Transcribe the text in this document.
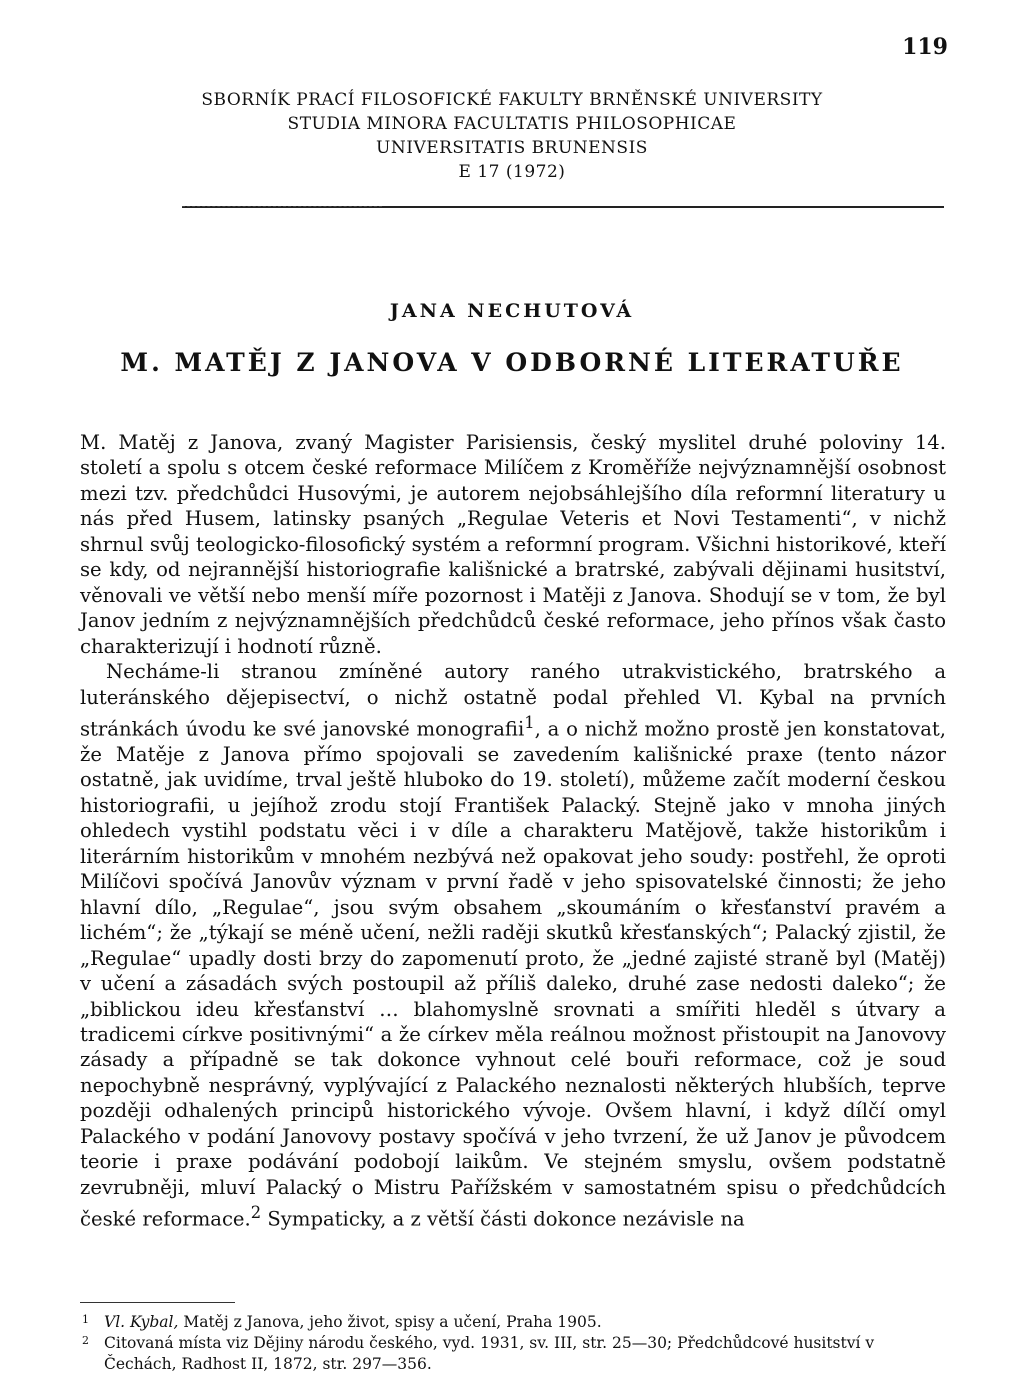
119
SBORNÍK PRACÍ FILOSOFICKÉ FAKULTY BRNĚNSKÉ UNIVERSITY
STUDIA MINORA FACULTATIS PHILOSOPHICAE
UNIVERSITATIS BRUNENSIS
E 17 (1972)
JANA NECHUTOVÁ
M. MATĚJ Z JANOVA V ODBORNÉ LITERATUŘE

M. Matěj z Janova, zvaný Magister Parisiensis, český myslitel druhé poloviny 14. století a spolu s otcem české reformace Milíčem z Kroměříže nejvýznamnější osobnost mezi tzv. předchůdci Husovými, je autorem nejobsáhlejšího díla reformní literatury u nás před Husem, latinsky psaných „Regulae Veteris et Novi Testamenti“, v nichž shrnul svůj teologicko-filosofický systém a reformní program. Všichni historikové, kteří se kdy, od nejrannější historiografie kališnické a bratrské, zabývali dějinami husitství, věnovali ve větší nebo menší míře pozornost i Matěji z Janova. Shodují se v tom, že byl Janov jedním z nejvýznamnějších předchůdců české reformace, jeho přínos však často charakterizují i hodnotí různě.

Necháme-li stranou zmíněné autory raného utrakvistického, bratrského a luteránského dějepisectví, o nichž ostatně podal přehled Vl. Kybal na prvních stránkách úvodu ke své janovské monografii$^1$, a o nichž možno prostě jen konstatovat, že Matěje z Janova přímo spojovali se zavedením kališnické praxe (tento názor ostatně, jak uvidíme, trval ještě hluboko do 19. století), můžeme začít moderní českou historiografii, u jejíhož zrodu stojí František Palacký. Stejně jako v mnoha jiných ohledech vystihl podstatu věci i v díle a charakteru Matějově, takže historikům i literárním historikům v mnohém nezbývá než opakovat jeho soudy: postřehl, že oproti Milíčovi spočívá Janovův význam v první řadě v jeho spisovatelské činnosti; že jeho hlavní dílo, „Regulae“, jsou svým obsahem „skoumáním o křesťanství pravém a lichém“; že „týkají se méně učení, nežli raději skutků křesťanských“; Palacký zjistil, že „Regulae“ upadly dosti brzy do zapomenutí proto, že „jedné zajisté straně byl (Matěj) v učení a zásadách svých postoupil až příliš daleko, druhé zase nedosti daleko“; že „biblickou ideu křesťanství … blahomyslně srovnati a smířiti hleděl s útvary a tradicemi církve positivnými“ a že církev měla reálnou možnost přistoupit na Janovovy zásady a případně se tak dokonce vyhnout celé bouři reformace, což je soud nepochybně nesprávný, vyplývající z Palackého neznalosti některých hlubších, teprve později odhalených principů historického vývoje. Ovšem hlavní, i když dílčí omyl Palackého v podání Janovovy postavy spočívá v jeho tvrzení, že už Janov je původcem teorie i praxe podávání podobojí laikům. Ve stejném smyslu, ovšem podstatně zevrubněji, mluví Palacký o Mistru Pařížském v samostatném spisu o předchůdcích české reformace.$^2$ Sympaticky, a z větší části dokonce nezávisle na

1 Vl. Kybal, Matěj z Janova, jeho život, spisy a učení, Praha 1905.
2 Citovaná místa viz Dějiny národu českého, vyd. 1931, sv. III, str. 25—30; Předchůdcové husitství v Čechách, Radhost II, 1872, str. 297—356.
